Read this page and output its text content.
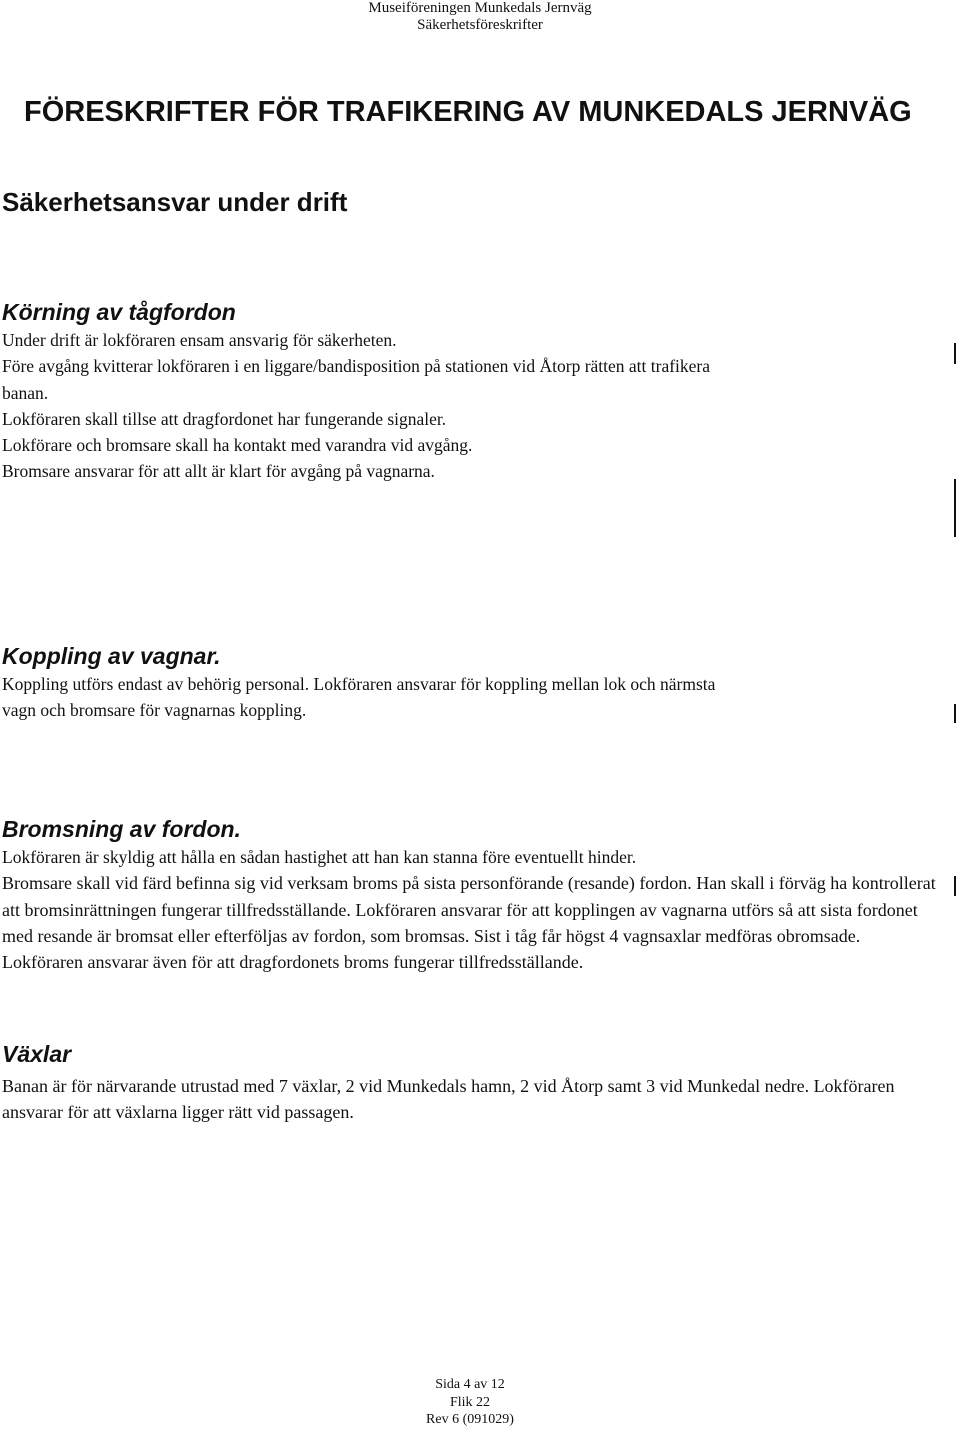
Museiföreningen Munkedals Jernväg
Säkerhetsföreskrifter
FÖRESKRIFTER FÖR TRAFIKERING AV MUNKEDALS JERNVÄG
Säkerhetsansvar under drift
Körning av tågfordon
Under drift är lokföraren ensam ansvarig för säkerheten.
Före avgång kvitterar lokföraren i en liggare/bandisposition på stationen vid Åtorp rätten att trafikera
banan.
Lokföraren skall tillse att dragfordonet har fungerande signaler.
Lokförare och bromsare skall ha kontakt med varandra vid avgång.
Bromsare ansvarar för att allt är klart för avgång på vagnarna.
Koppling av vagnar.
Koppling utförs endast av behörig personal. Lokföraren ansvarar för koppling mellan lok och närmsta
vagn och bromsare för vagnarnas koppling.
Bromsning av fordon.
Lokföraren är skyldig att hålla en sådan hastighet att han kan stanna före eventuellt hinder.

Bromsare skall vid färd befinna sig vid verksam broms på sista personförande (resande) fordon. Han skall i förväg ha kontrollerat att bromsinrättningen fungerar tillfredsställande. Lokföraren ansvarar för att kopplingen av vagnarna utförs så att sista fordonet med resande är bromsat eller efterföljas av fordon, som bromsas. Sist i tåg får högst 4 vagnsaxlar medföras obromsade. Lokföraren ansvarar även för att dragfordonets broms fungerar tillfredsställande.

Växlar

Banan är för närvarande utrustad med 7 växlar, 2 vid Munkedals hamn, 2 vid Åtorp samt 3 vid Munkedal nedre. Lokföraren ansvarar för att växlarna ligger rätt vid passagen.

Sida 4 av 12
Flik 22
Rev 6 (091029)
